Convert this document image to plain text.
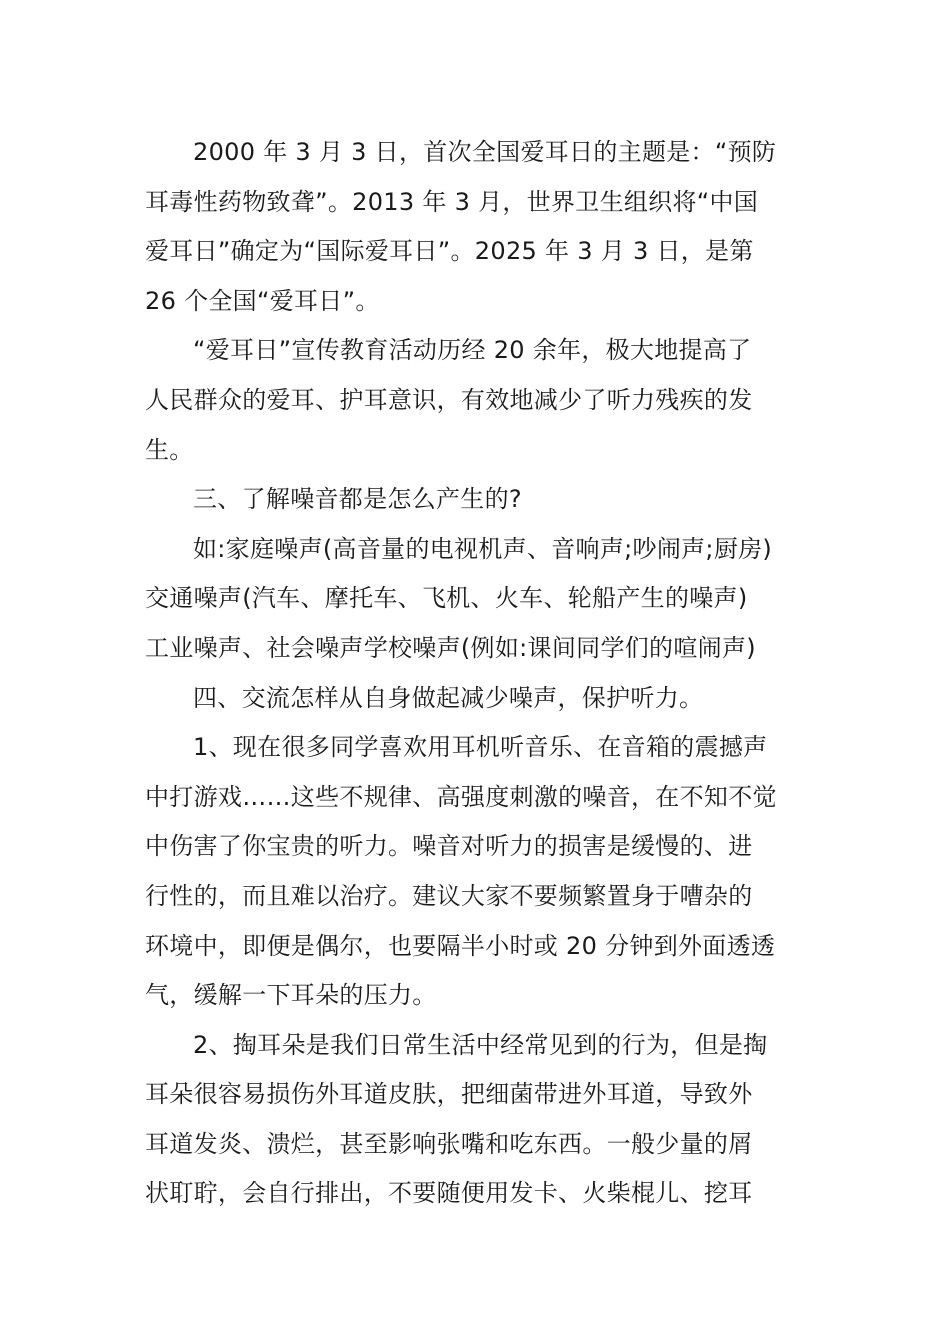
2000 年 3 月 3 日，首次全国爱耳日的主题是：“预防

耳毒性药物致聋”。2013 年 3 月，世界卫生组织将“中国

爱耳日”确定为“国际爱耳日”。2025 年 3 月 3 日，是第

26 个全国“爱耳日”。

“爱耳日”宣传教育活动历经 20 余年，极大地提高了

人民群众的爱耳、护耳意识，有效地减少了听力残疾的发

生。

三、了解噪音都是怎么产生的?

如:家庭噪声(高音量的电视机声、音响声;吵闹声;厨房)

交通噪声(汽车、摩托车、飞机、火车、轮船产生的噪声)

工业噪声、社会噪声学校噪声(例如:课间同学们的喧闹声)

四、交流怎样从自身做起减少噪声，保护听力。

1、现在很多同学喜欢用耳机听音乐、在音箱的震撼声

中打游戏……这些不规律、高强度刺激的噪音，在不知不觉

中伤害了你宝贵的听力。噪音对听力的损害是缓慢的、进

行性的，而且难以治疗。建议大家不要频繁置身于嘈杂的

环境中，即便是偶尔，也要隔半小时或 20 分钟到外面透透

气，缓解一下耳朵的压力。

2、掏耳朵是我们日常生活中经常见到的行为，但是掏

耳朵很容易损伤外耳道皮肤，把细菌带进外耳道，导致外

耳道发炎、溃烂，甚至影响张嘴和吃东西。一般少量的屑

状耵聍，会自行排出，不要随便用发卡、火柴棍儿、挖耳
